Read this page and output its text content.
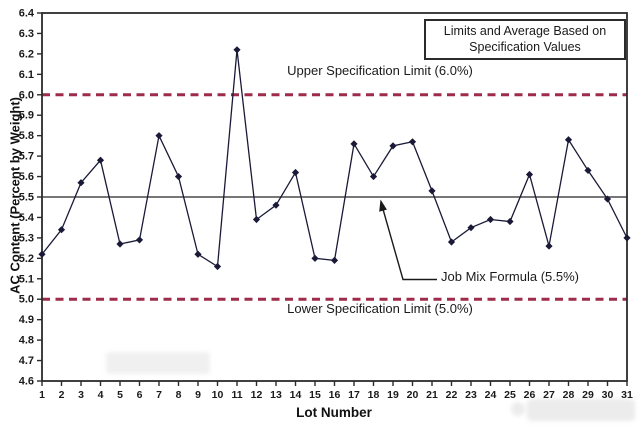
4.6
4.7
4.8
4.9
5.0
5.1
5.2
5.3
5.4
5.5
5.6
5.7
5.8
5.9
6.0
6.1
6.2
6.3
6.4
1 2 3 4 5 6 7 8 9 10 11 12 13 14 15 16 17 18 19 20 21 22 23 24 25 26 27 28 29 30 31
AC Content (Percent by Weight)
Lot Number
Limits and Average Based on
Specification Values
Upper Specification Limit (6.0%)
Lower Specification Limit (5.0%)
Job Mix Formula (5.5%)
